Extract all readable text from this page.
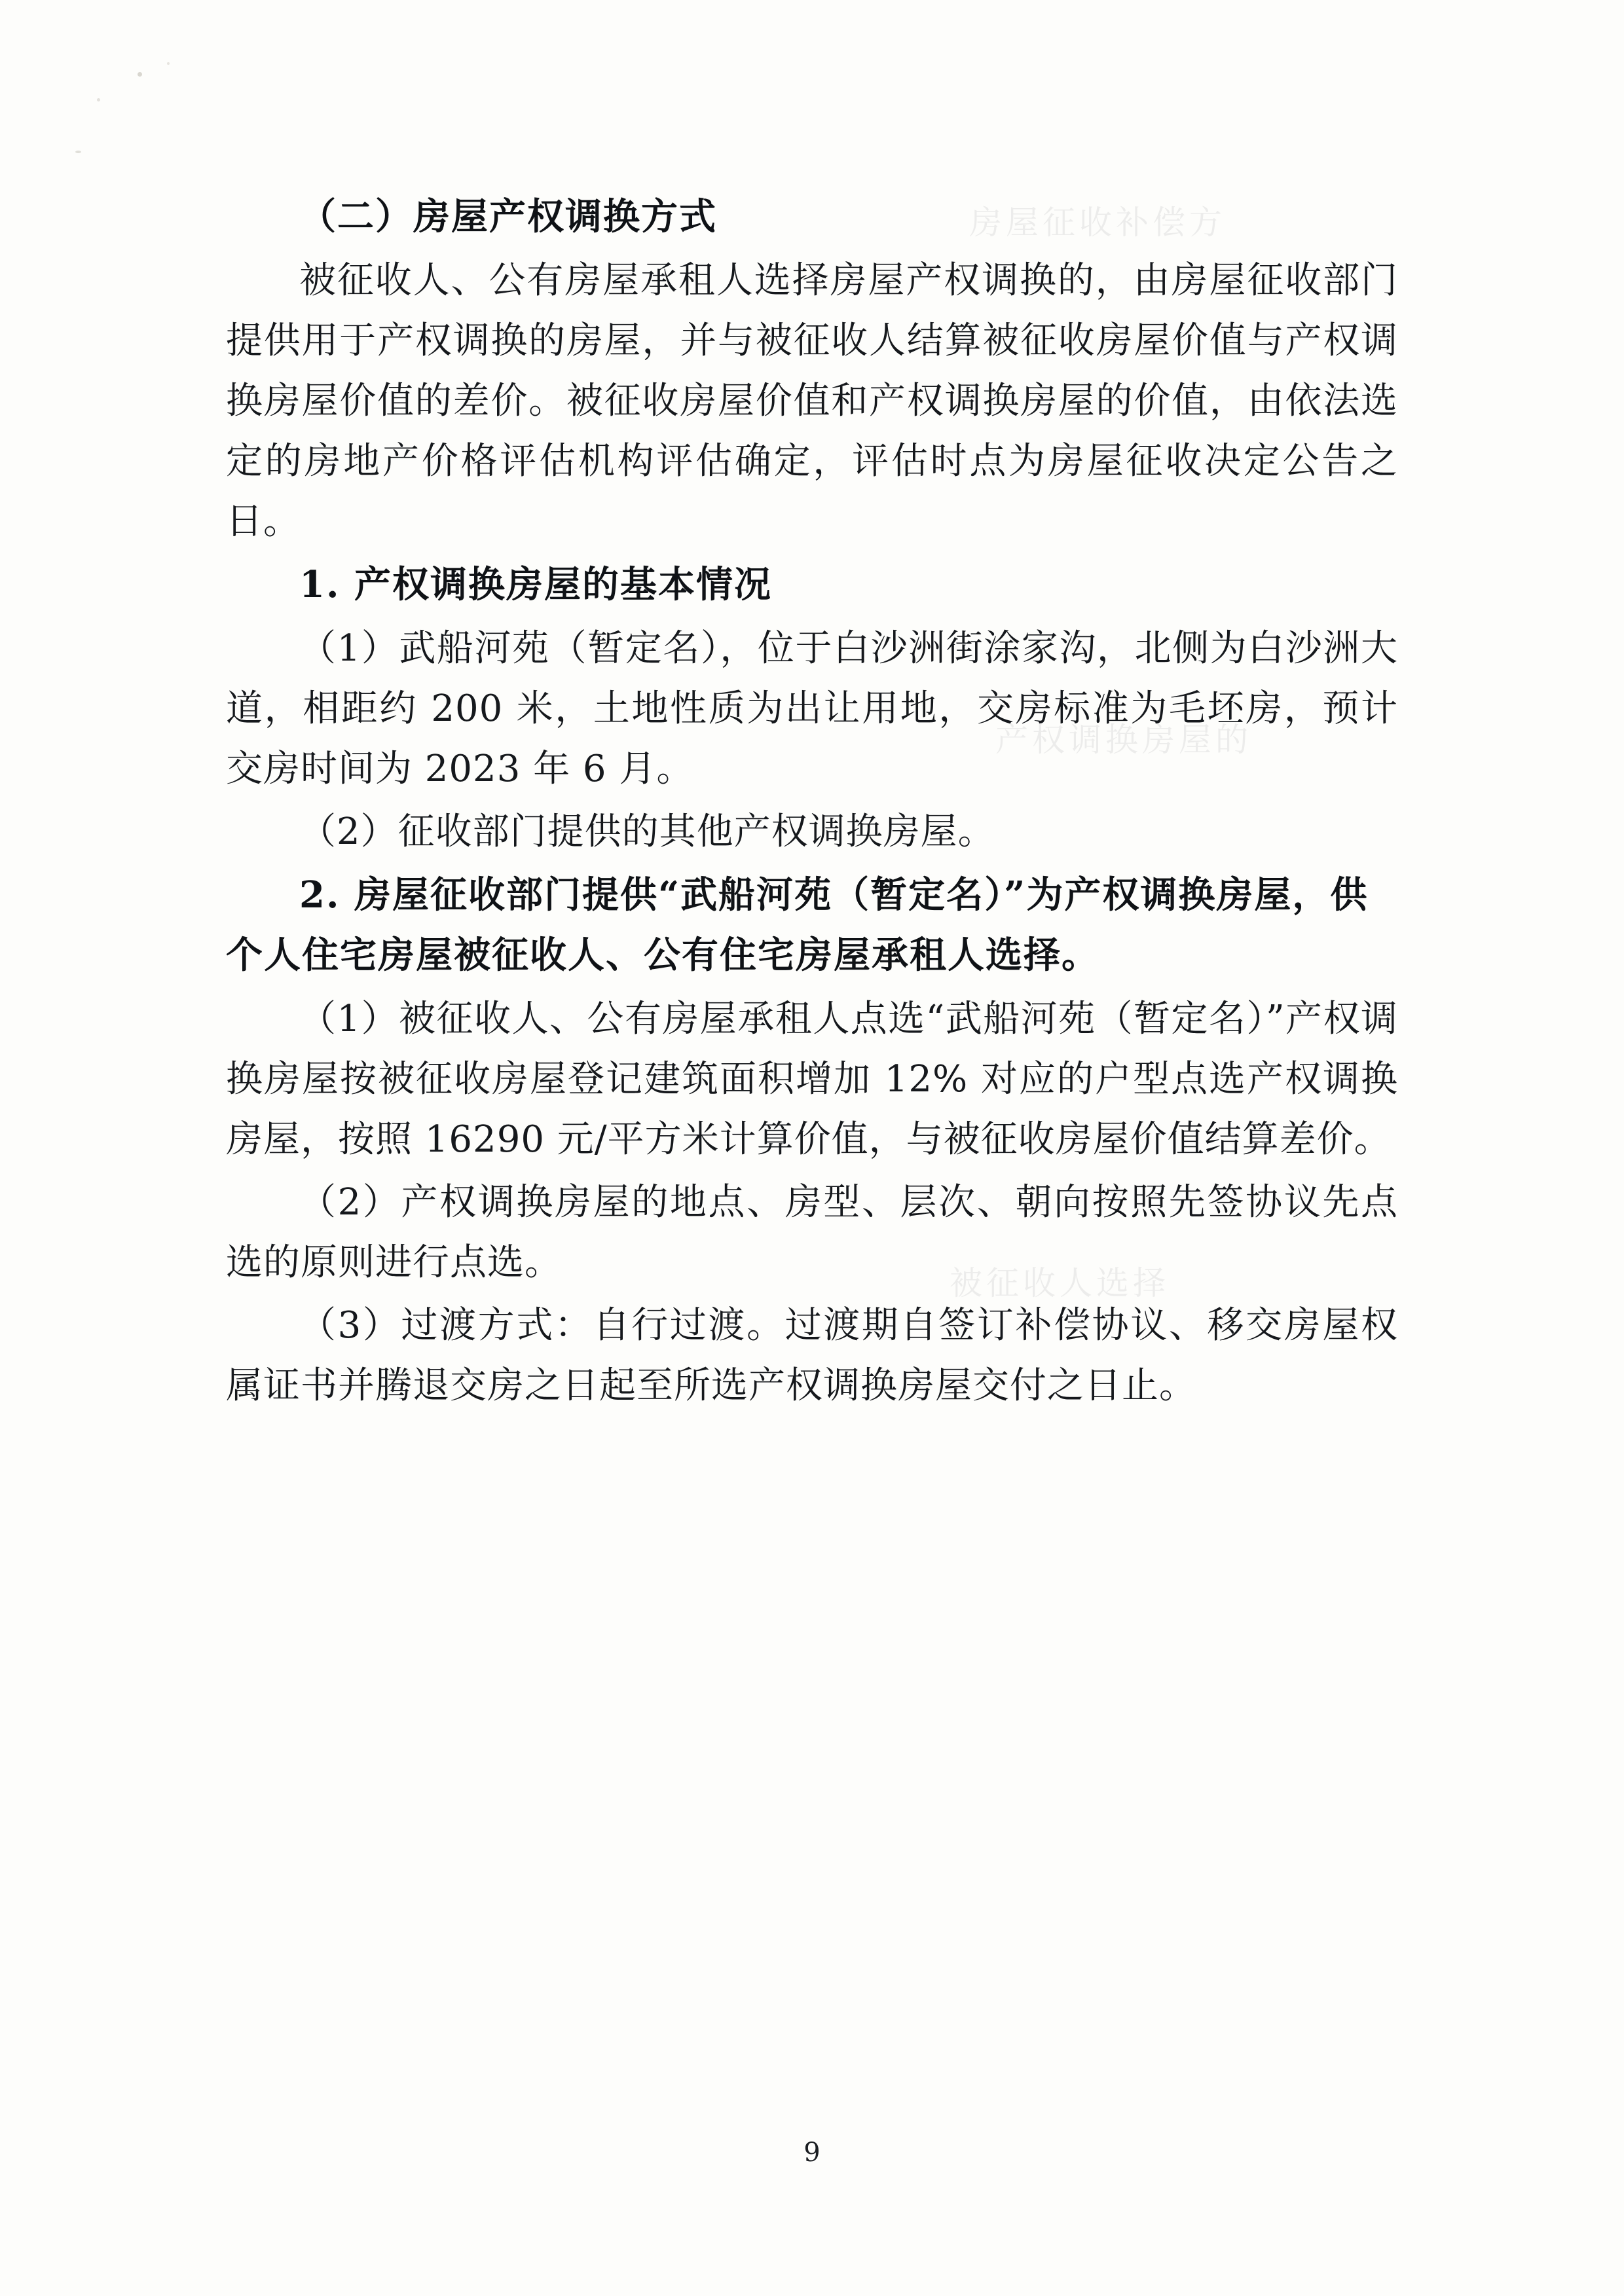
房屋征收补偿方
产权调换房屋的
被征收人选择
（二）房屋产权调换方式
被征收人、公有房屋承租人选择房屋产权调换的，由房屋征收部门提供用于产权调换的房屋，并与被征收人结算被征收房屋价值与产权调换房屋价值的差价。被征收房屋价值和产权调换房屋的价值，由依法选定的房地产价格评估机构评估确定，评估时点为房屋征收决定公告之日。
1. 产权调换房屋的基本情况
（1）武船河苑（暂定名），位于白沙洲街涂家沟，北侧为白沙洲大道，相距约 200 米，土地性质为出让用地，交房标准为毛坯房，预计交房时间为 2023 年 6 月。
（2）征收部门提供的其他产权调换房屋。
2. 房屋征收部门提供“武船河苑（暂定名）”为产权调换房屋，供个人住宅房屋被征收人、公有住宅房屋承租人选择。
（1）被征收人、公有房屋承租人点选“武船河苑（暂定名）”产权调换房屋按被征收房屋登记建筑面积增加 12% 对应的户型点选产权调换房屋，按照 16290 元/平方米计算价值，与被征收房屋价值结算差价。
（2）产权调换房屋的地点、房型、层次、朝向按照先签协议先点选的原则进行点选。
（3）过渡方式：自行过渡。过渡期自签订补偿协议、移交房屋权属证书并腾退交房之日起至所选产权调换房屋交付之日止。
9
